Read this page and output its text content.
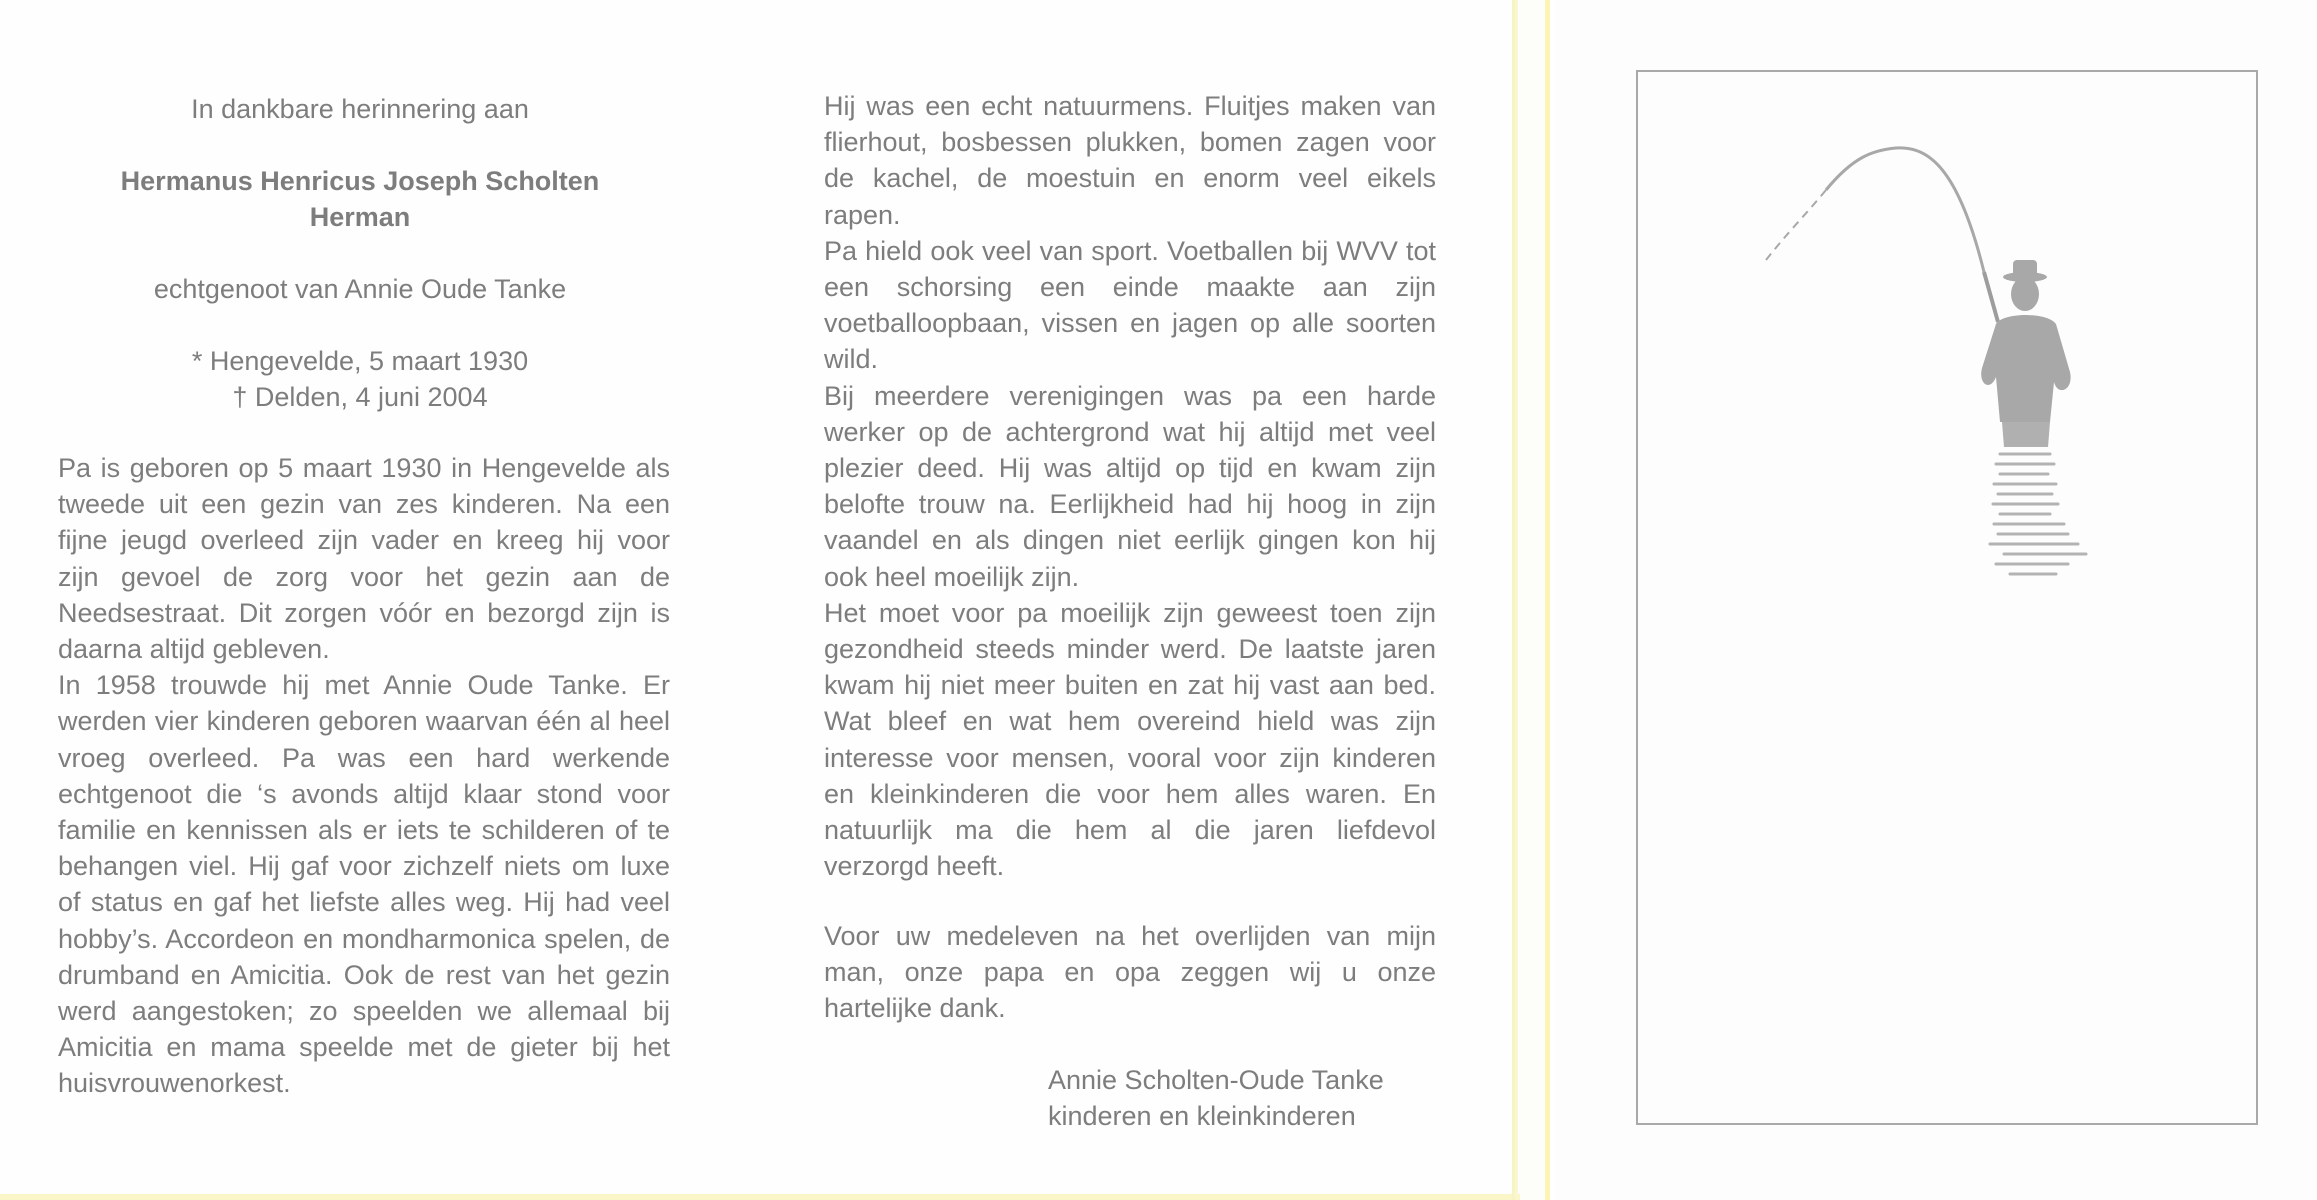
In dankbare herinnering aan
Hermanus Henricus Joseph Scholten
Herman
echtgenoot van Annie Oude Tanke
* Hengevelde, 5 maart 1930
† Delden, 4 juni 2004

Pa is geboren op 5 maart 1930 in Hengevelde als tweede uit een gezin van zes kinderen. Na een fijne jeugd overleed zijn vader en kreeg hij voor zijn gevoel de zorg voor het gezin aan de Needsestraat. Dit zorgen vóór en bezorgd zijn is daarna altijd gebleven.

In 1958 trouwde hij met Annie Oude Tanke. Er werden vier kinderen geboren waarvan één al heel vroeg overleed. Pa was een hard werkende echtgenoot die ‘s avonds altijd klaar stond voor familie en kennissen als er iets te schilderen of te behangen viel. Hij gaf voor zichzelf niets om luxe of status en gaf het liefste alles weg. Hij had veel hobby’s. Accordeon en mondharmonica spelen, de drumband en Amicitia. Ook de rest van het gezin werd aangestoken; zo speelden we allemaal bij Amicitia en mama speelde met de gieter bij het huisvrouwenorkest.

Hij was een echt natuurmens. Fluitjes maken van flierhout, bosbessen plukken, bomen zagen voor de kachel, de moestuin en enorm veel eikels rapen.

Pa hield ook veel van sport. Voetballen bij WVV tot een schorsing een einde maakte aan zijn voetballoopbaan, vissen en jagen op alle soorten wild.

Bij meerdere verenigingen was pa een harde werker op de achtergrond wat hij altijd met veel plezier deed. Hij was altijd op tijd en kwam zijn belofte trouw na. Eerlijkheid had hij hoog in zijn vaandel en als dingen niet eerlijk gingen kon hij ook heel moeilijk zijn.

Het moet voor pa moeilijk zijn geweest toen zijn gezondheid steeds minder werd. De laatste jaren kwam hij niet meer buiten en zat hij vast aan bed. Wat bleef en wat hem overeind hield was zijn interesse voor mensen, vooral voor zijn kinderen en kleinkinderen die voor hem alles waren. En natuurlijk ma die hem al die jaren liefdevol verzorgd heeft.

Voor uw medeleven na het overlijden van mijn man, onze papa en opa zeggen wij u onze hartelijke dank.

Annie Scholten-Oude Tanke
kinderen en kleinkinderen
